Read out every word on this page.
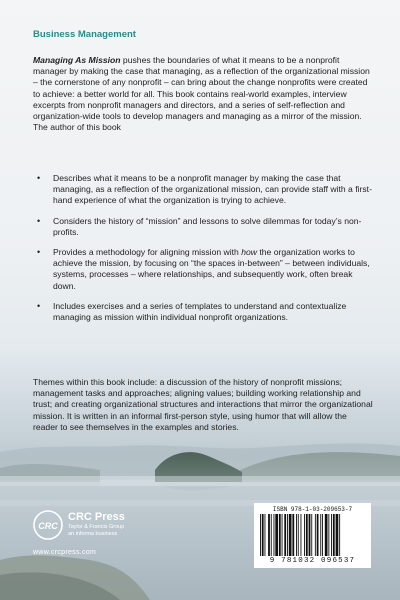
Business Management
Managing As Mission pushes the boundaries of what it means to be a nonprofit manager by making the case that managing, as a reflection of the organizational mission – the cornerstone of any nonprofit – can bring about the change nonprofits were created to achieve: a better world for all. This book contains real-world examples, interview excerpts from nonprofit managers and directors, and a series of self-reflection and organization-wide tools to develop managers and managing as a mirror of the mission. The author of this book
• Describes what it means to be a nonprofit manager by making the case that managing, as a reflection of the organizational mission, can provide staff with a first-hand experience of what the organization is trying to achieve.
• Considers the history of “mission” and lessons to solve dilemmas for today’s non-profits.
• Provides a methodology for aligning mission with how the organization works to achieve the mission, by focusing on “the spaces in-between” – between individuals, systems, processes – where relationships, and subsequently work, often break down.
• Includes exercises and a series of templates to understand and contextualize managing as mission within individual nonprofit organizations.
Themes within this book include: a discussion of the history of nonprofit missions; management tasks and approaches; aligning values; building working relationship and trust; and creating organizational structures and interactions that mirror the organizational mission. It is written in an informal first-person style, using humor that will allow the reader to see themselves in the examples and stories.
CRC
CRC Press
Taylor & Francis Group
an informa business
www.crcpress.com
ISBN 978-1-03-209653-7
9 781032 096537
